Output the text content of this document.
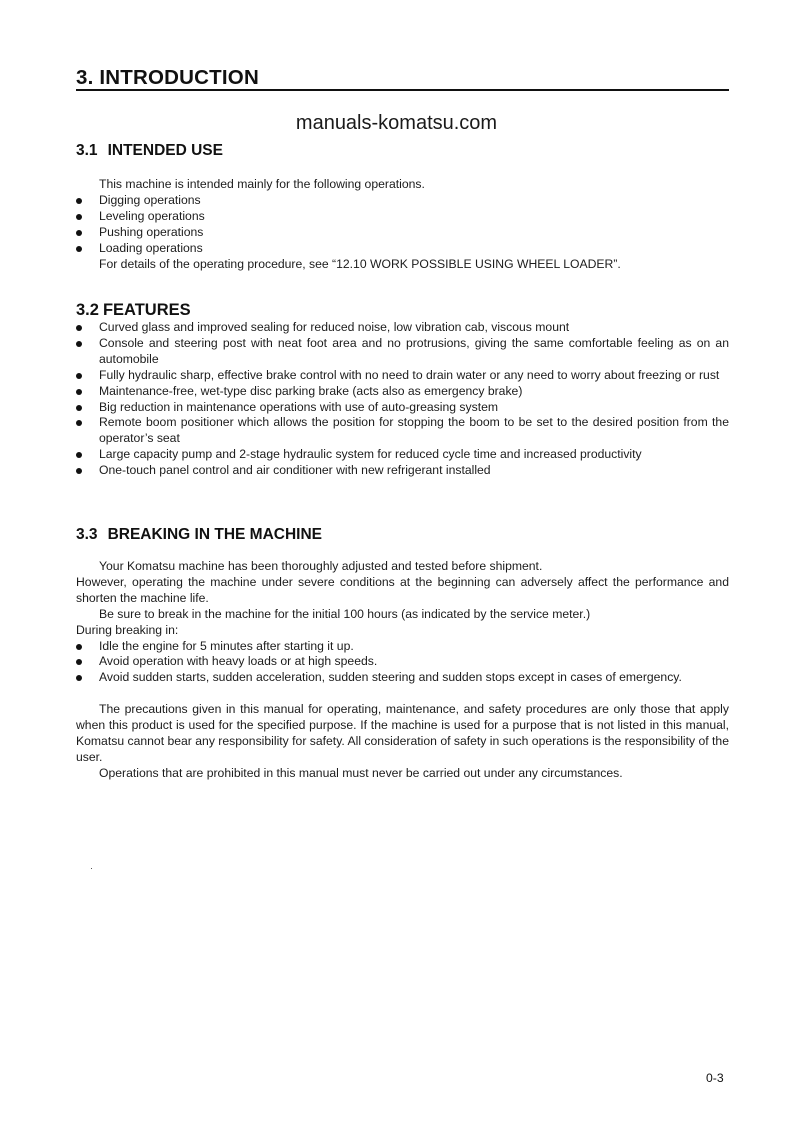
3. INTRODUCTION
manuals-komatsu.com
3.1 INTENDED USE
This machine is intended mainly for the following operations.
Digging operations
Leveling operations
Pushing operations
Loading operations
For details of the operating procedure, see “12.10 WORK POSSIBLE USING WHEEL LOADER”.
3.2 FEATURES
Curved glass and improved sealing for reduced noise, low vibration cab, viscous mount
Console and steering post with neat foot area and no protrusions, giving the same comfortable feeling as on an automobile
Fully hydraulic sharp, effective brake control with no need to drain water or any need to worry about freezing or rust
Maintenance-free, wet-type disc parking brake (acts also as emergency brake)
Big reduction in maintenance operations with use of auto-greasing system
Remote boom positioner which allows the position for stopping the boom to be set to the desired position from the operator’s seat
Large capacity pump and 2-stage hydraulic system for reduced cycle time and increased productivity
One-touch panel control and air conditioner with new refrigerant installed
3.3 BREAKING IN THE MACHINE
Your Komatsu machine has been thoroughly adjusted and tested before shipment.
However, operating the machine under severe conditions at the beginning can adversely affect the performance and shorten the machine life.
Be sure to break in the machine for the initial 100 hours (as indicated by the service meter.)
During breaking in:
Idle the engine for 5 minutes after starting it up.
Avoid operation with heavy loads or at high speeds.
Avoid sudden starts, sudden acceleration, sudden steering and sudden stops except in cases of emergency.
The precautions given in this manual for operating, maintenance, and safety procedures are only those that apply when this product is used for the specified purpose. If the machine is used for a purpose that is not listed in this manual, Komatsu cannot bear any responsibility for safety. All consideration of safety in such operations is the responsibility of the user.
Operations that are prohibited in this manual must never be carried out under any circumstances.
0-3
